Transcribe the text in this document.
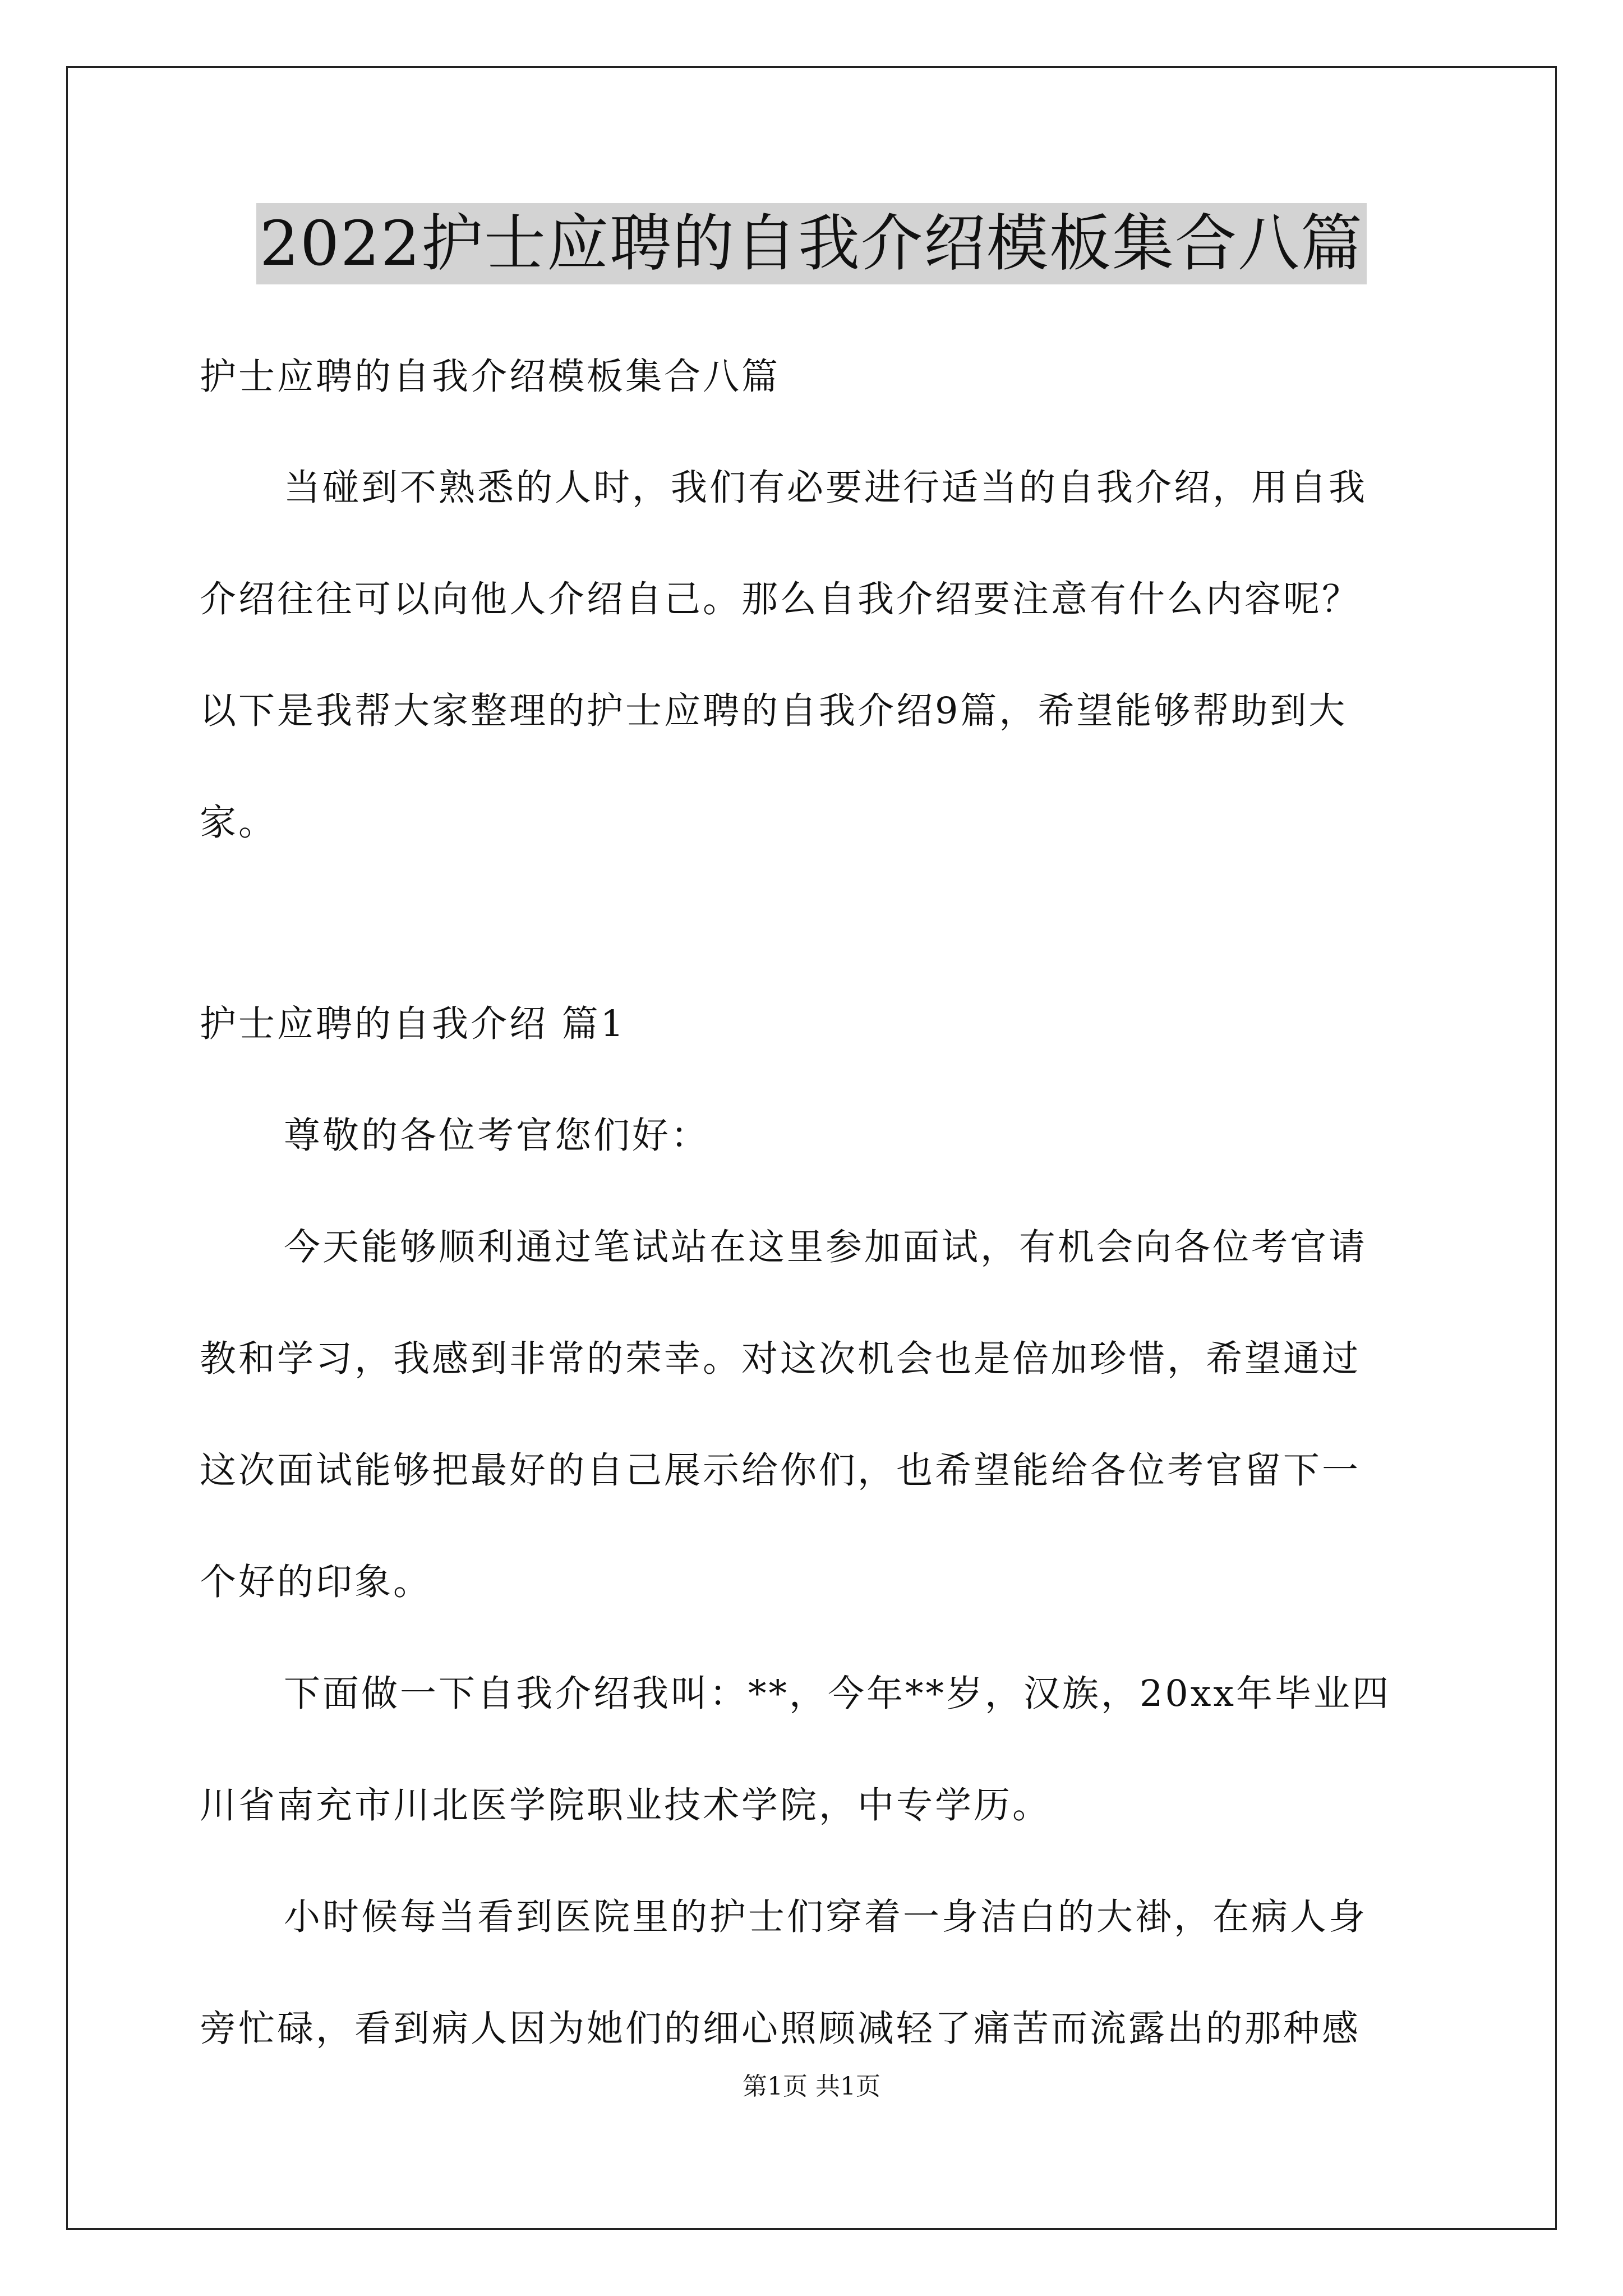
2022护士应聘的自我介绍模板集合八篇

护士应聘的自我介绍模板集合八篇

当碰到不熟悉的人时，我们有必要进行适当的自我介绍，用自我

介绍往往可以向他人介绍自己。那么自我介绍要注意有什么内容呢？

以下是我帮大家整理的护士应聘的自我介绍9篇，希望能够帮助到大

家。

护士应聘的自我介绍 篇1

尊敬的各位考官您们好：

今天能够顺利通过笔试站在这里参加面试，有机会向各位考官请

教和学习，我感到非常的荣幸。对这次机会也是倍加珍惜，希望通过

这次面试能够把最好的自己展示给你们，也希望能给各位考官留下一

个好的印象。

下面做一下自我介绍我叫：**，今年**岁，汉族，20xx年毕业四

川省南充市川北医学院职业技术学院，中专学历。

小时候每当看到医院里的护士们穿着一身洁白的大褂，在病人身

旁忙碌，看到病人因为她们的细心照顾减轻了痛苦而流露出的那种感

第1页 共1页
